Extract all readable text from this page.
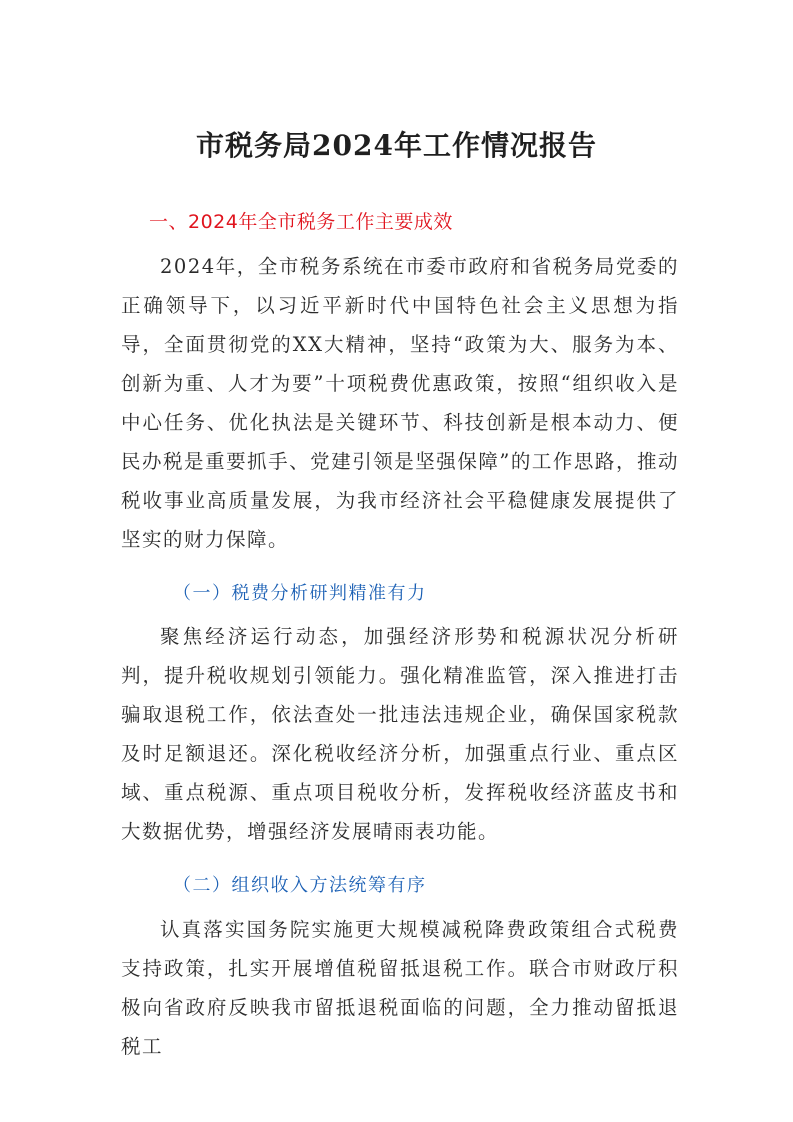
市税务局2024年工作情况报告
一、2024年全市税务工作主要成效

2024年，全市税务系统在市委市政府和省税务局党委的正确领导下，以习近平新时代中国特色社会主义思想为指导，全面贯彻党的XX大精神，坚持“政策为大、服务为本、创新为重、人才为要”十项税费优惠政策，按照“组织收入是中心任务、优化执法是关键环节、科技创新是根本动力、便民办税是重要抓手、党建引领是坚强保障”的工作思路，推动税收事业高质量发展，为我市经济社会平稳健康发展提供了坚实的财力保障。

（一）税费分析研判精准有力

聚焦经济运行动态，加强经济形势和税源状况分析研判，提升税收规划引领能力。强化精准监管，深入推进打击骗取退税工作，依法查处一批违法违规企业，确保国家税款及时足额退还。深化税收经济分析，加强重点行业、重点区域、重点税源、重点项目税收分析，发挥税收经济蓝皮书和大数据优势，增强经济发展晴雨表功能。

（二）组织收入方法统筹有序

认真落实国务院实施更大规模减税降费政策组合式税费支持政策，扎实开展增值税留抵退税工作。联合市财政厅积极向省政府反映我市留抵退税面临的问题，全力推动留抵退税工
